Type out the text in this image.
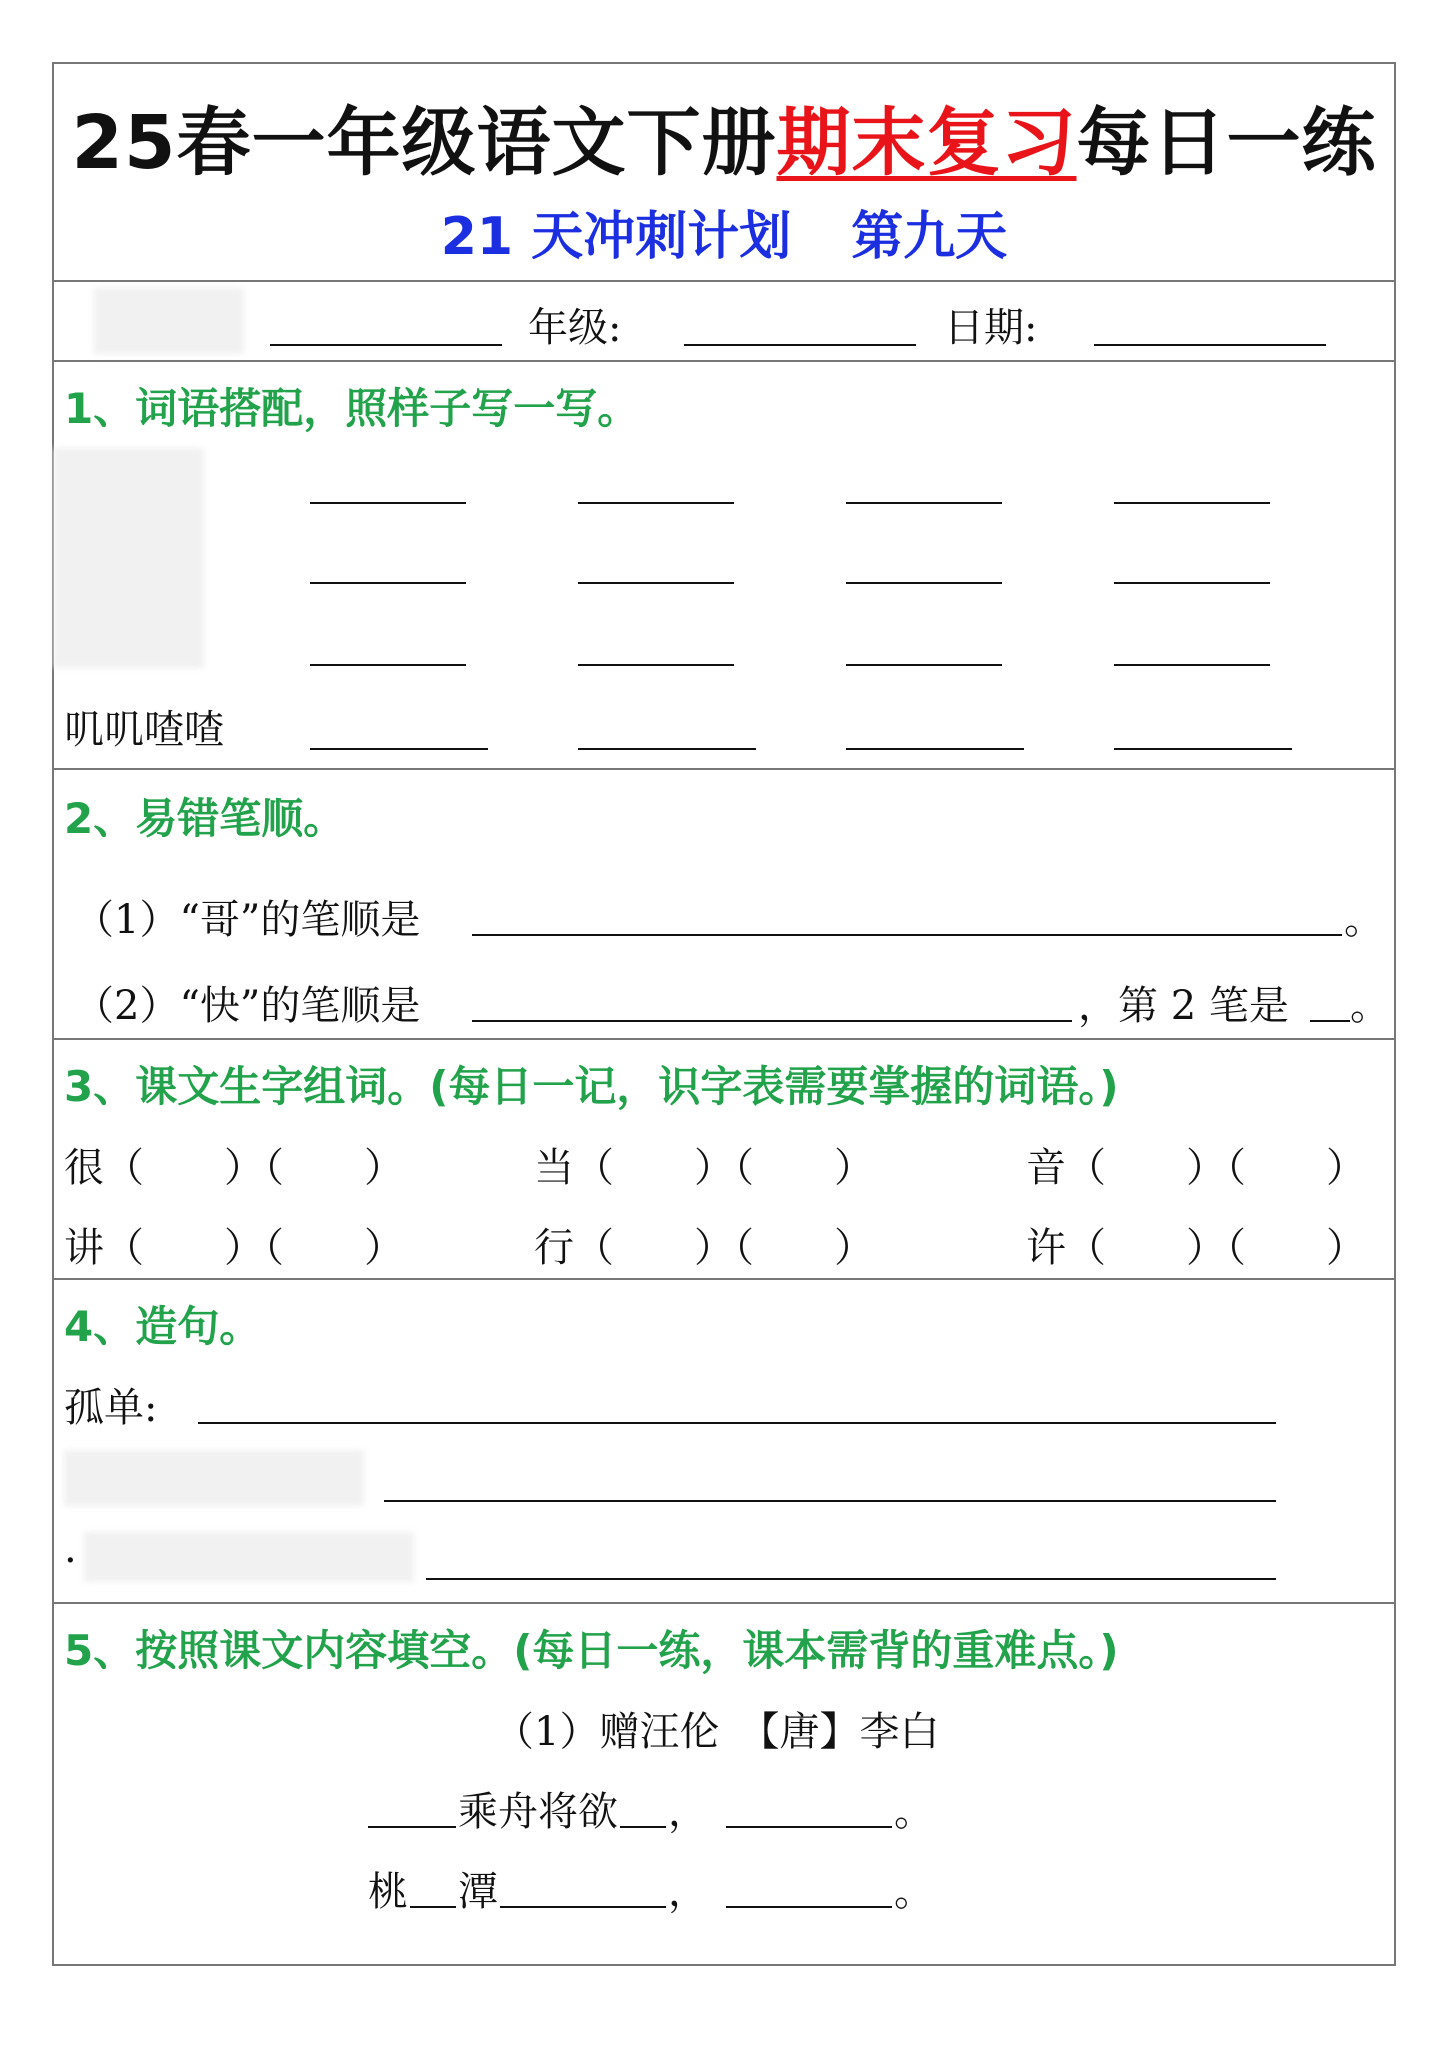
25春一年级语文下册期末复习每日一练
21 天冲刺计划 第九天
年级:	日期:
1、词语搭配，照样子写一写。
叽叽喳喳
2、易错笔顺。
（1）“哥”的笔顺是	。
（2）“快”的笔顺是	，第 2 笔是 。
3、课文生字组词。(每日一记，识字表需要掌握的词语。)
很（　　）（　　）	当（　　）（　　）	音（　　）（　　）
讲（　　）（　　）	行（　　）（　　）	许（　　）（　　）
4、造句。
孤单:
.
5、按照课文内容填空。(每日一练，课本需背的重难点。)
（1）赠汪伦　【唐】李白
乘舟将欲 ，	。
桃 潭	，	。
